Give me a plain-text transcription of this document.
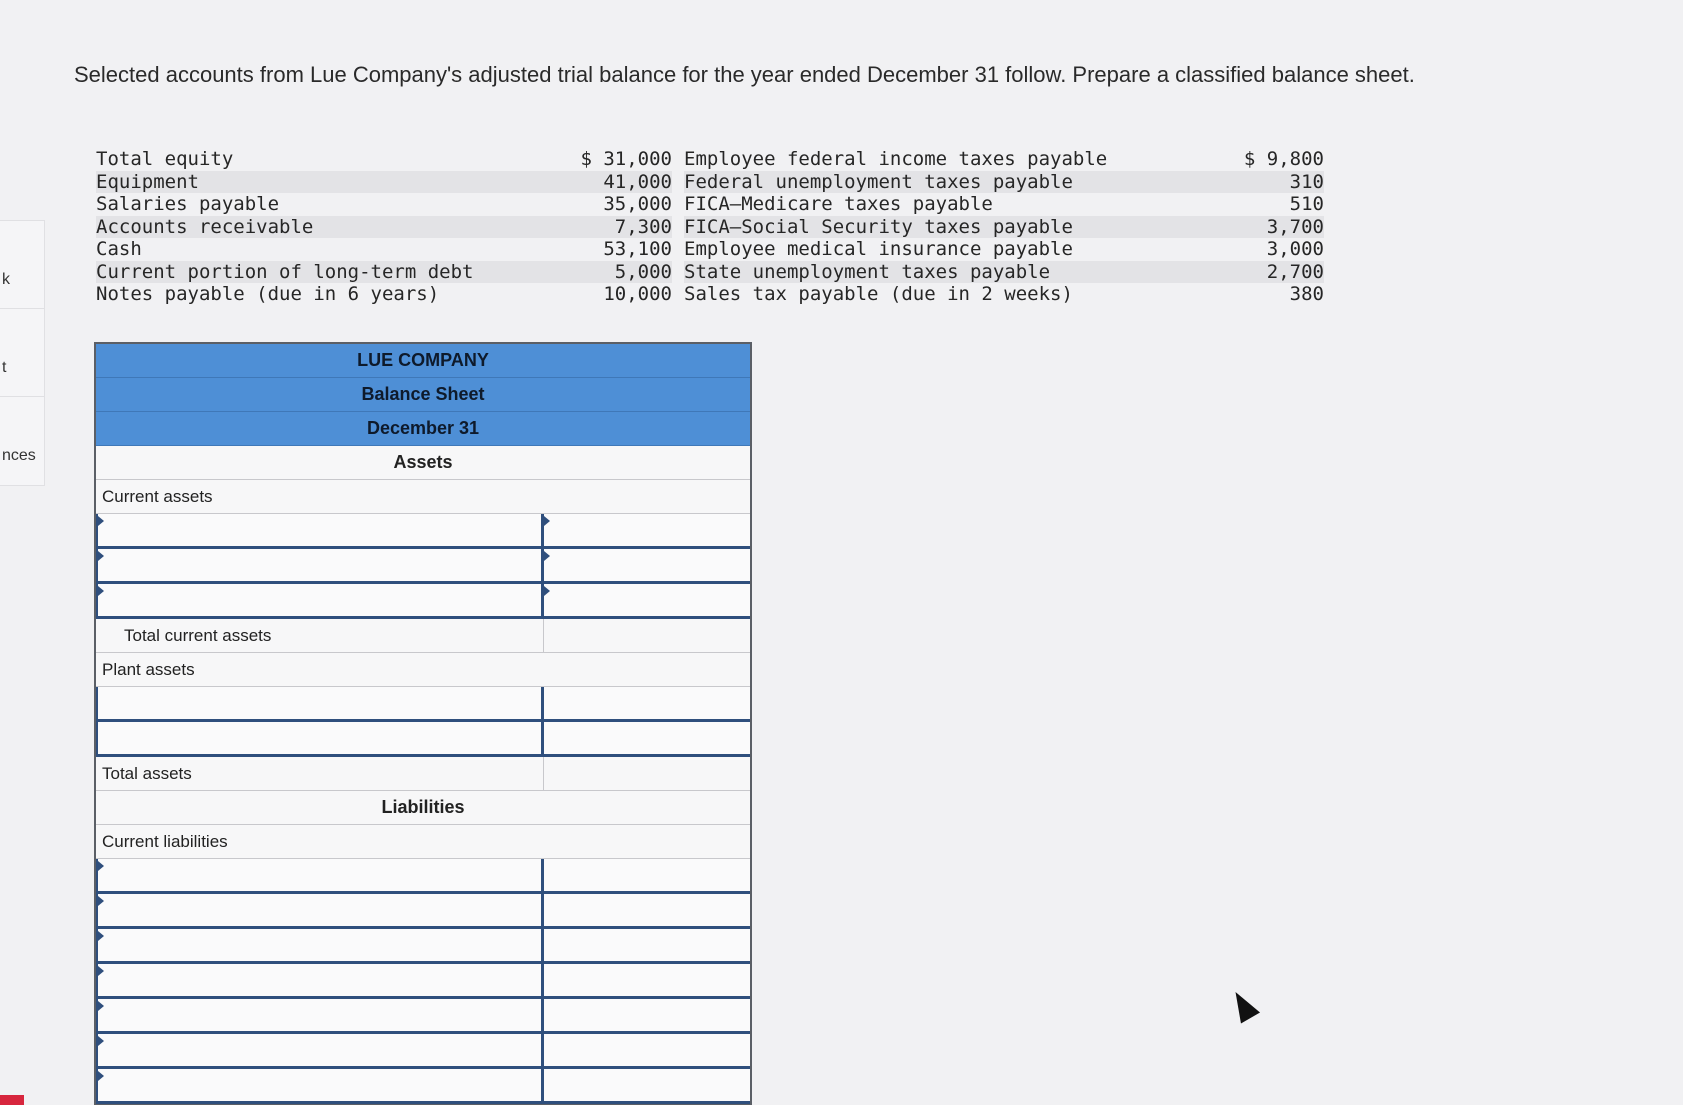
k
t
nces
Selected accounts from Lue Company's adjusted trial balance for the year ended December 31 follow. Prepare a classified balance sheet.
Total equity	$ 31,000
Equipment	41,000
Salaries payable	35,000
Accounts receivable	7,300
Cash	53,100
Current portion of long-term debt	5,000
Notes payable (due in 6 years)	10,000
Employee federal income taxes payable	$ 9,800
Federal unemployment taxes payable	310
FICA—Medicare taxes payable	510
FICA—Social Security taxes payable	3,700
Employee medical insurance payable	3,000
State unemployment taxes payable	2,700
Sales tax payable (due in 2 weeks)	380
LUE COMPANY
Balance Sheet
December 31
Assets
Current assets
Total current assets
Plant assets
Total assets
Liabilities
Current liabilities
